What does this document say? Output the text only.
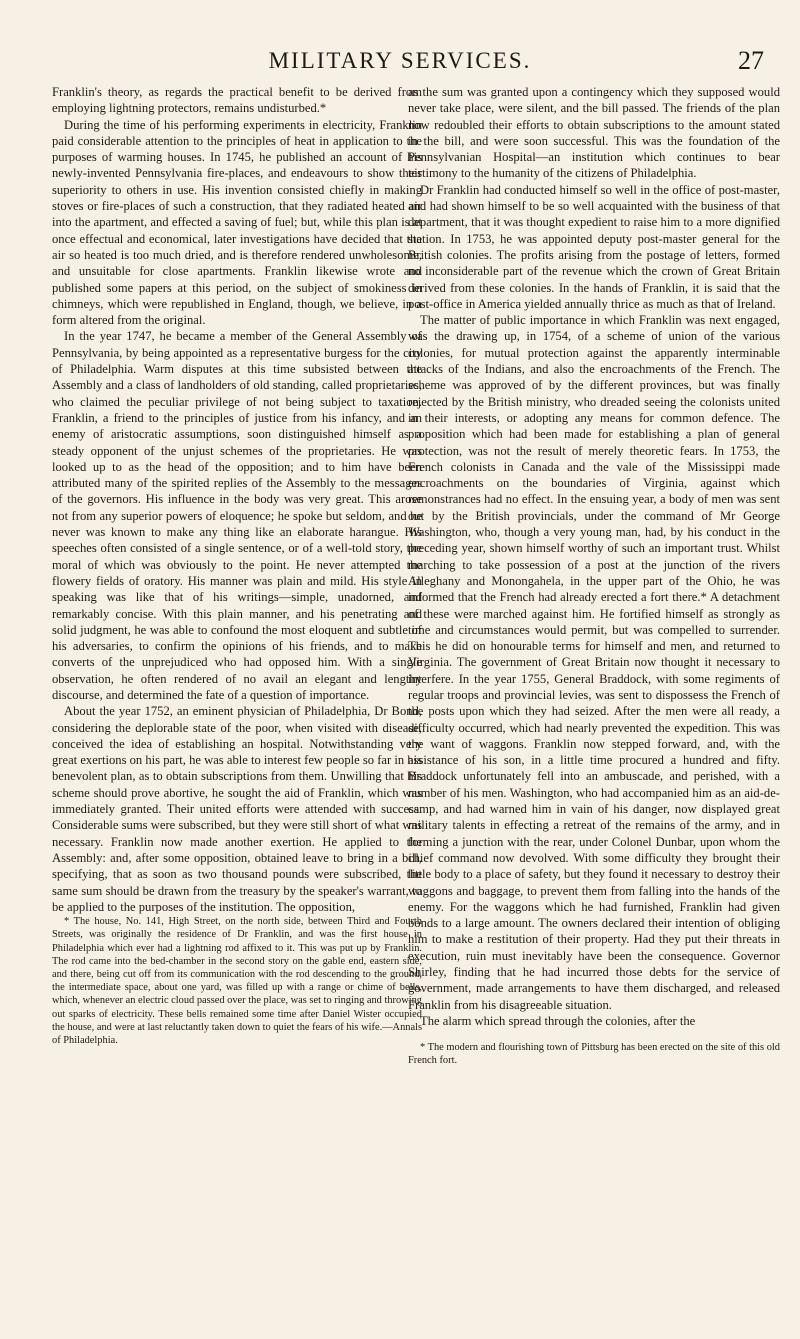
MILITARY SERVICES.	27

Franklin's theory, as regards the practical benefit to be derived from employing lightning protectors, remains undisturbed.*

During the time of his performing experiments in electricity, Franklin paid considerable attention to the principles of heat in application to the purposes of warming houses. In 1745, he published an account of his newly-invented Pennsylvania fire-places, and endeavours to show their superiority to others in use. His invention consisted chiefly in making stoves or fire-places of such a construction, that they radiated heated air into the apartment, and effected a saving of fuel; but, while this plan is at once effectual and economical, later investigations have decided that the air so heated is too much dried, and is therefore rendered unwholesome, and unsuitable for close apartments. Franklin likewise wrote and published some papers at this period, on the subject of smokiness in chimneys, which were republished in England, though, we believe, in a form altered from the original.

In the year 1747, he became a member of the General Assembly of Pennsylvania, by being appointed as a representative burgess for the city of Philadelphia. Warm disputes at this time subsisted between the Assembly and a class of landholders of old standing, called proprietaries, who claimed the peculiar privilege of not being subject to taxation. Franklin, a friend to the principles of justice from his infancy, and an enemy of aristocratic assumptions, soon distinguished himself as a steady opponent of the unjust schemes of the proprietaries. He was looked up to as the head of the opposition; and to him have been attributed many of the spirited replies of the Assembly to the messages of the governors. His influence in the body was very great. This arose not from any superior powers of eloquence; he spoke but seldom, and he never was known to make any thing like an elaborate harangue. His speeches often consisted of a single sentence, or of a well-told story, the moral of which was obviously to the point. He never attempted the flowery fields of oratory. His manner was plain and mild. His style in speaking was like that of his writings—simple, unadorned, and remarkably concise. With this plain manner, and his penetrating and solid judgment, he was able to confound the most eloquent and subtle of his adversaries, to confirm the opinions of his friends, and to make converts of the unprejudiced who had opposed him. With a single observation, he often rendered of no avail an elegant and lengthy discourse, and determined the fate of a question of importance.

About the year 1752, an eminent physician of Philadelphia, Dr Bond, considering the deplorable state of the poor, when visited with disease, conceived the idea of establishing an hospital. Notwithstanding very great exertions on his part, he was able to interest few people so far in his benevolent plan, as to obtain subscriptions from them. Unwilling that his scheme should prove abortive, he sought the aid of Franklin, which was immediately granted. Their united efforts were attended with success. Considerable sums were subscribed, but they were still short of what was necessary. Franklin now made another exertion. He applied to the Assembly: and, after some opposition, obtained leave to bring in a bill, specifying, that as soon as two thousand pounds were subscribed, the same sum should be drawn from the treasury by the speaker's warrant, to be applied to the purposes of the institution. The opposition,

* The house, No. 141, High Street, on the north side, between Third and Fourth Streets, was originally the residence of Dr Franklin, and was the first house in Philadelphia which ever had a lightning rod affixed to it. This was put up by Franklin. The rod came into the bed-chamber in the second story on the gable end, eastern side, and there, being cut off from its communication with the rod descending to the ground, the intermediate space, about one yard, was filled up with a range or chime of bells, which, whenever an electric cloud passed over the place, was set to ringing and throwing out sparks of electricity. These bells remained some time after Daniel Wister occupied the house, and were at last reluctantly taken down to quiet the fears of his wife.—Annals of Philadelphia.

as the sum was granted upon a contingency which they supposed would never take place, were silent, and the bill passed. The friends of the plan now redoubled their efforts to obtain subscriptions to the amount stated in the bill, and were soon successful. This was the foundation of the Pennsylvanian Hospital—an institution which continues to bear testimony to the humanity of the citizens of Philadelphia.

Dr Franklin had conducted himself so well in the office of post-master, and had shown himself to be so well acquainted with the business of that department, that it was thought expedient to raise him to a more dignified station. In 1753, he was appointed deputy post-master general for the British colonies. The profits arising from the postage of letters, formed no inconsiderable part of the revenue which the crown of Great Britain derived from these colonies. In the hands of Franklin, it is said that the post-office in America yielded annually thrice as much as that of Ireland.

The matter of public importance in which Franklin was next engaged, was the drawing up, in 1754, of a scheme of union of the various colonies, for mutual protection against the apparently interminable attacks of the Indians, and also the encroachments of the French. The scheme was approved of by the different provinces, but was finally rejected by the British ministry, who dreaded seeing the colonists united in their interests, or adopting any means for common defence. The proposition which had been made for establishing a plan of general protection, was not the result of merely theoretic fears. In 1753, the French colonists in Canada and the vale of the Mississippi made encroachments on the boundaries of Virginia, against which remonstrances had no effect. In the ensuing year, a body of men was sent out by the British provincials, under the command of Mr George Washington, who, though a very young man, had, by his conduct in the preceding year, shown himself worthy of such an important trust. Whilst marching to take possession of a post at the junction of the rivers Alleghany and Monongahela, in the upper part of the Ohio, he was informed that the French had already erected a fort there.* A detachment of these were marched against him. He fortified himself as strongly as time and circumstances would permit, but was compelled to surrender. This he did on honourable terms for himself and men, and returned to Virginia. The government of Great Britain now thought it necessary to interfere. In the year 1755, General Braddock, with some regiments of regular troops and provincial levies, was sent to dispossess the French of the posts upon which they had seized. After the men were all ready, a difficulty occurred, which had nearly prevented the expedition. This was the want of waggons. Franklin now stepped forward, and, with the assistance of his son, in a little time procured a hundred and fifty. Braddock unfortunately fell into an ambuscade, and perished, with a number of his men. Washington, who had accompanied him as an aid-de-camp, and had warned him in vain of his danger, now displayed great military talents in effecting a retreat of the remains of the army, and in forming a junction with the rear, under Colonel Dunbar, upon whom the chief command now devolved. With some difficulty they brought their little body to a place of safety, but they found it necessary to destroy their waggons and baggage, to prevent them from falling into the hands of the enemy. For the waggons which he had furnished, Franklin had given bonds to a large amount. The owners declared their intention of obliging him to make a restitution of their property. Had they put their threats in execution, ruin must inevitably have been the consequence. Governor Shirley, finding that he had incurred those debts for the service of government, made arrangements to have them discharged, and released Franklin from his disagreeable situation.

The alarm which spread through the colonies, after the

* The modern and flourishing town of Pittsburg has been erected on the site of this old French fort.
